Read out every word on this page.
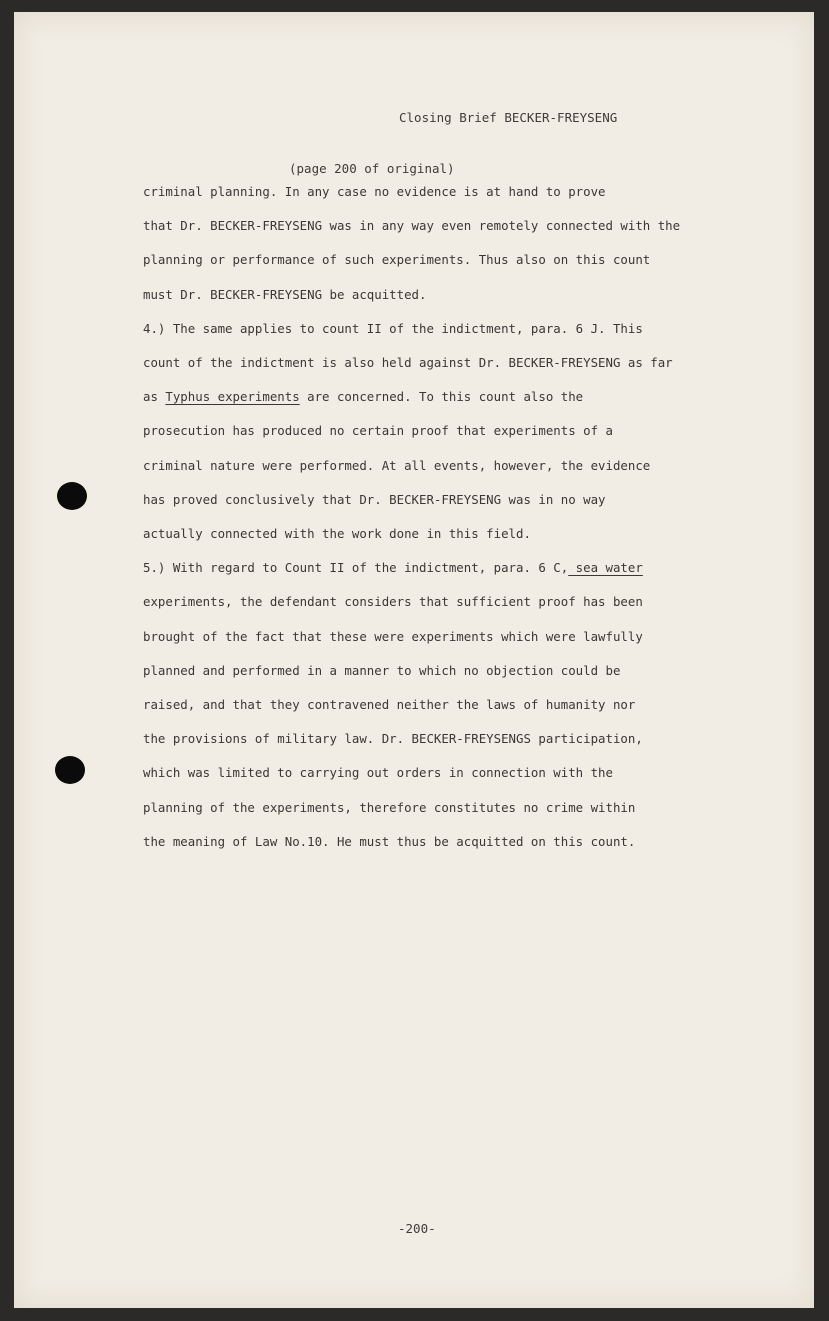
Closing Brief BECKER-FREYSENG
(page 200 of original)
criminal planning. In any case no evidence is at hand to prove
that Dr. BECKER-FREYSENG was in any way even remotely connected with the
planning or performance of such experiments. Thus also on this count
must Dr. BECKER-FREYSENG be acquitted.
4.) The same applies to count II of the indictment, para. 6 J. This
count of the indictment is also held against Dr. BECKER-FREYSENG as far
as Typhus experiments are concerned. To this count also the
prosecution has produced no certain proof that experiments of a
criminal nature were performed. At all events, however, the evidence
has proved conclusively that Dr. BECKER-FREYSENG was in no way
actually connected with the work done in this field.
5.) With regard to Count II of the indictment, para. 6 C, sea water
experiments, the defendant considers that sufficient proof has been
brought of the fact that these were experiments which were lawfully
planned and performed in a manner to which no objection could be
raised, and that they contravened neither the laws of humanity nor
the provisions of military law. Dr. BECKER-FREYSENGS participation,
which was limited to carrying out orders in connection with the
planning of the experiments, therefore constitutes no crime within
the meaning of Law No.10. He must thus be acquitted on this count.
-200-
